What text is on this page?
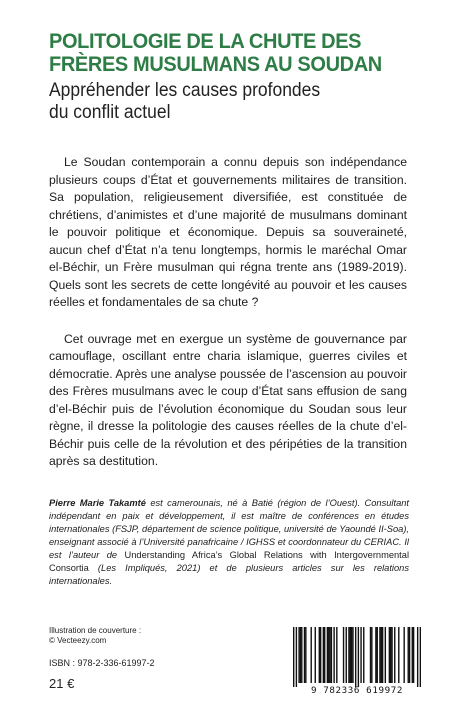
POLITOLOGIE DE LA CHUTE DES
FRÈRES MUSULMANS AU SOUDAN
Appréhender les causes profondes
du conflit actuel

Le Soudan contemporain a connu depuis son indépendance plusieurs coups d’État et gouvernements militaires de transition. Sa population, religieusement diversifiée, est constituée de chrétiens, d’animistes et d’une majorité de musulmans dominant le pouvoir politique et économique. Depuis sa souveraineté, aucun chef d’État n’a tenu longtemps, hormis le maréchal Omar el-Béchir, un Frère musulman qui régna trente ans (1989-2019). Quels sont les secrets de cette longévité au pouvoir et les causes réelles et fondamentales de sa chute ?

Cet ouvrage met en exergue un système de gouvernance par camouflage, oscillant entre charia islamique, guerres civiles et démocratie. Après une analyse poussée de l’ascension au pouvoir des Frères musulmans avec le coup d’État sans effusion de sang d’el-Béchir puis de l’évolution économique du Soudan sous leur règne, il dresse la politologie des causes réelles de la chute d’el-Béchir puis celle de la révolution et des péripéties de la transition après sa destitution.

Pierre Marie Takamté est camerounais, né à Batié (région de l’Ouest). Consultant indépendant en paix et développement, il est maître de conférences en études internationales (FSJP, département de science politique, université de Yaoundé II-Soa), enseignant associé à l’Université panafricaine / IGHSS et coordonnateur du CERIAC. Il est l’auteur de Understanding Africa’s Global Relations with Intergovernmental Consortia (Les Impliqués, 2021) et de plusieurs articles sur les relations internationales.

Illustration de couverture :
© Vecteezy.com
ISBN : 978-2-336-61997-2
21 €	9 782336 619972
